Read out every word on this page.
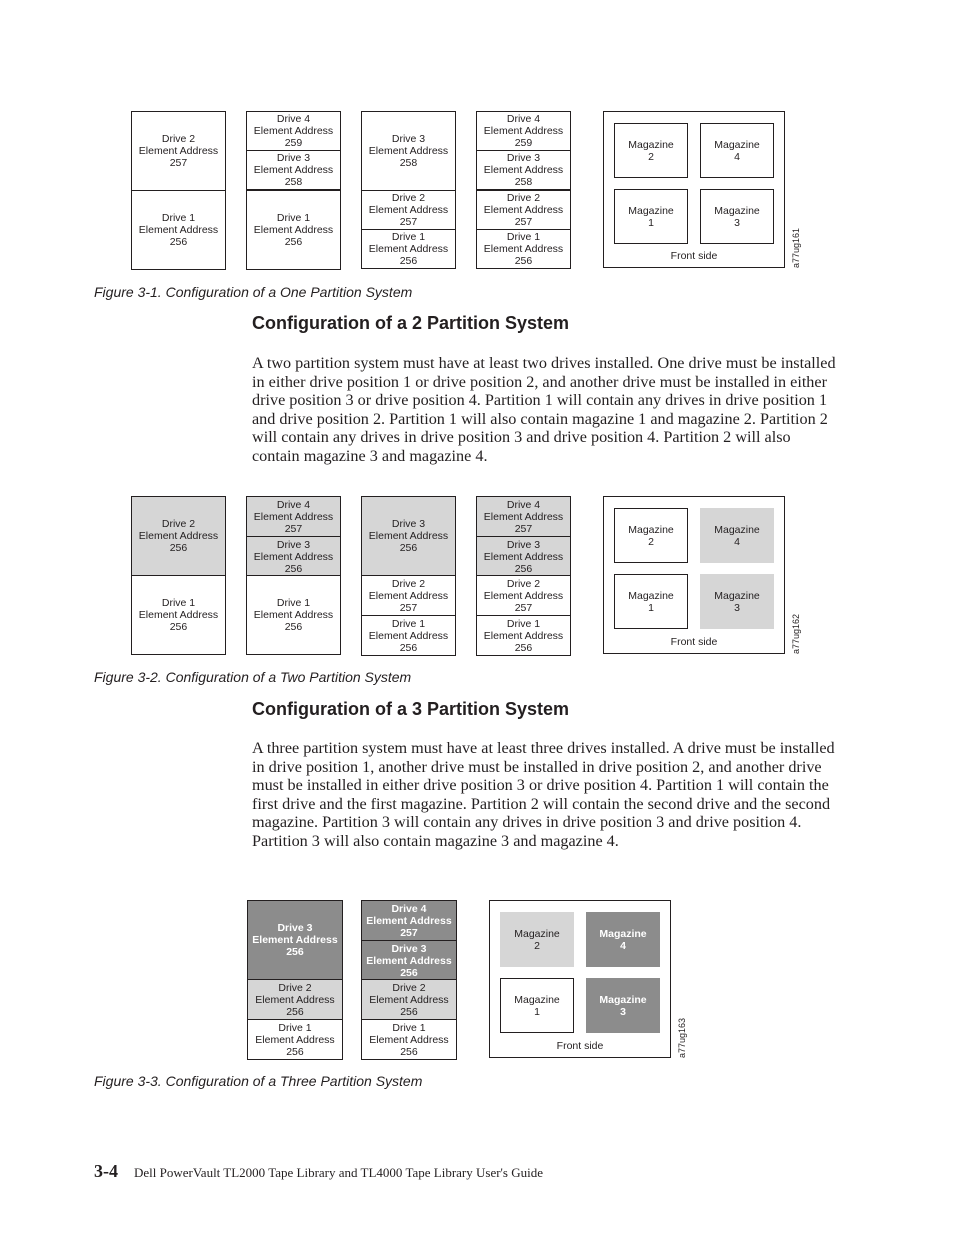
Figure 3-1. Configuration of a One Partition System
Configuration of a 2 Partition System

A two partition system must have at least two drives installed. One drive must be installed in either drive position 1 or drive position 2, and another drive must be installed in either drive position 3 or drive position 4. Partition 1 will contain any drives in drive position 1 and drive position 2. Partition 1 will also contain magazine 1 and magazine 2. Partition 2 will contain any drives in drive position 3 and drive position 4. Partition 2 will also contain magazine 3 and magazine 4.

Figure 3-2. Configuration of a Two Partition System
Configuration of a 3 Partition System

A three partition system must have at least three drives installed. A drive must be installed in drive position 1, another drive must be installed in drive position 2, and another drive must be installed in either drive position 3 or drive position 4. Partition 1 will contain the first drive and the first magazine. Partition 2 will contain the second drive and the second magazine. Partition 3 will contain any drives in drive position 3 and drive position 4. Partition 3 will also contain magazine 3 and magazine 4.

Figure 3-3. Configuration of a Three Partition System
3-4 Dell PowerVault TL2000 Tape Library and TL4000 Tape Library User's Guide
Drive 2
Element Address
257
Drive 1
Element Address
256
Drive 4
Element Address
259
Drive 3
Element Address
258
Drive 1
Element Address
256
Drive 3
Element Address
258
Drive 2
Element Address
257
Drive 1
Element Address
256
Drive 4
Element Address
259
Drive 3
Element Address
258
Drive 2
Element Address
257
Drive 1
Element Address
256
Magazine
2
Magazine
4
Magazine
1
Magazine
3
Front side	a77ug161
Drive 2
Element Address
256
Drive 1
Element Address
256
Drive 4
Element Address
257
Drive 3
Element Address
256
Drive 1
Element Address
256
Drive 3
Element Address
256
Drive 2
Element Address
257
Drive 1
Element Address
256
Drive 4
Element Address
257
Drive 3
Element Address
256
Drive 2
Element Address
257
Drive 1
Element Address
256
Magazine
2
Magazine
4
Magazine
1
Magazine
3
Front side	a77ug162
Drive 3
Element Address
256
Drive 2
Element Address
256
Drive 1
Element Address
256
Drive 4
Element Address
257
Drive 3
Element Address
256
Drive 2
Element Address
256
Drive 1
Element Address
256
Magazine
2
Magazine
4
Magazine
1
Magazine
3
Front side	a77ug163
